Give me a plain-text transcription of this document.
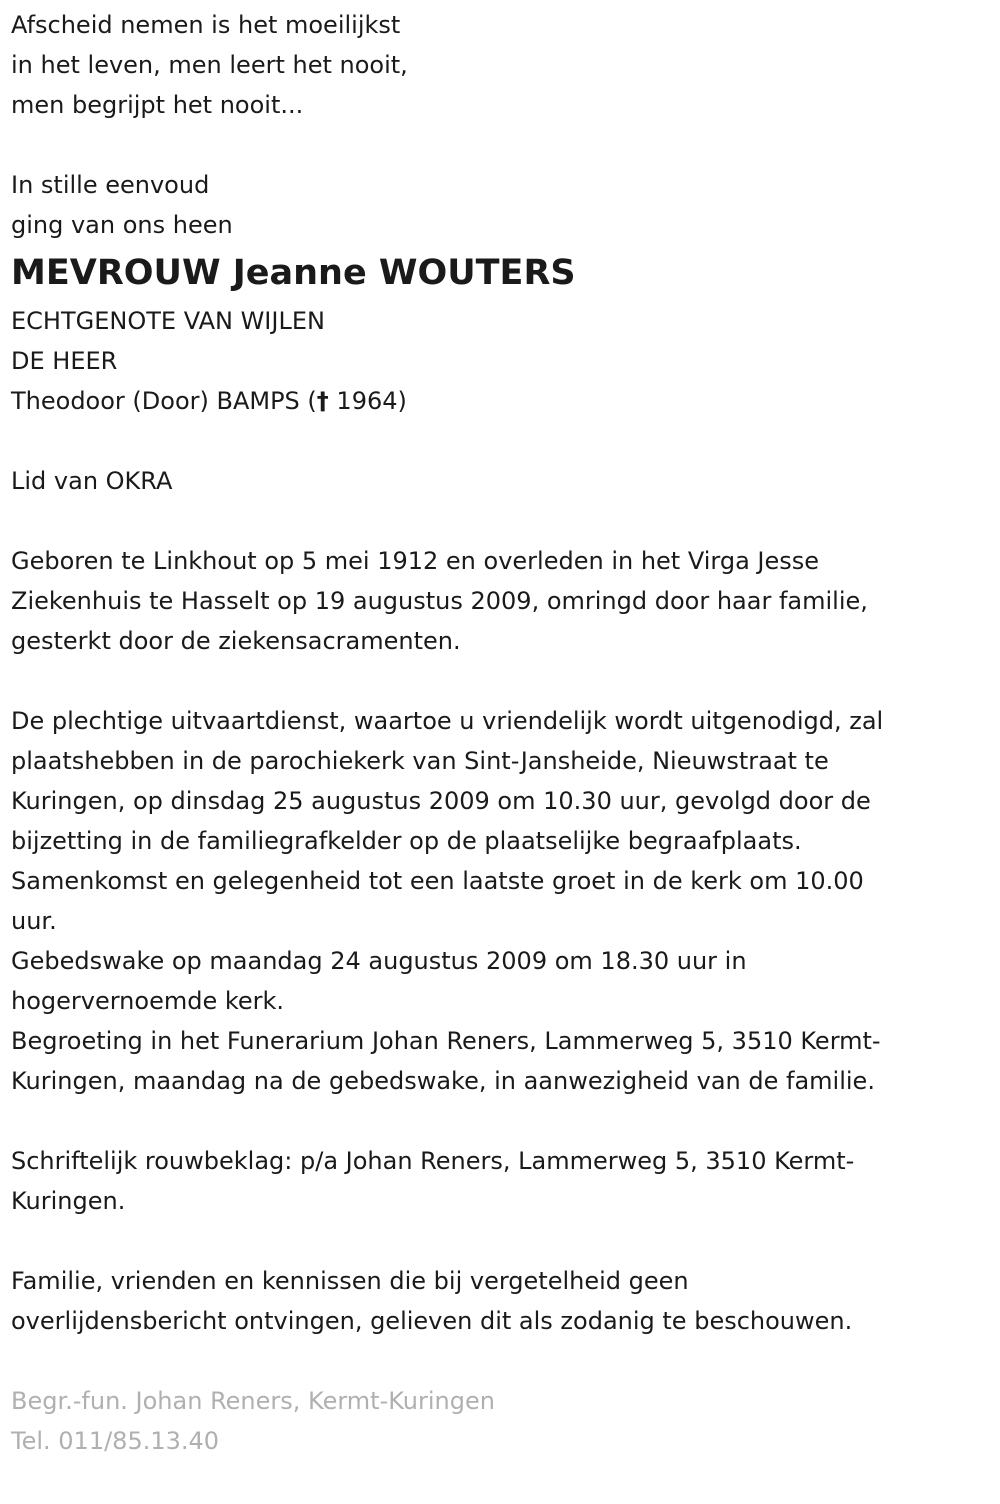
Afscheid nemen is het moeilijkst
in het leven, men leert het nooit,
men begrijpt het nooit...
In stille eenvoud
ging van ons heen
MEVROUW Jeanne WOUTERS
ECHTGENOTE VAN WIJLEN
DE HEER
Theodoor (Door) BAMPS († 1964)
Lid van OKRA
Geboren te Linkhout op 5 mei 1912 en overleden in het Virga Jesse
Ziekenhuis te Hasselt op 19 augustus 2009, omringd door haar familie,
gesterkt door de ziekensacramenten.
De plechtige uitvaartdienst, waartoe u vriendelijk wordt uitgenodigd, zal
plaatshebben in de parochiekerk van Sint-Jansheide, Nieuwstraat te
Kuringen, op dinsdag 25 augustus 2009 om 10.30 uur, gevolgd door de
bijzetting in de familiegrafkelder op de plaatselijke begraafplaats.
Samenkomst en gelegenheid tot een laatste groet in de kerk om 10.00
uur.
Gebedswake op maandag 24 augustus 2009 om 18.30 uur in
hogervernoemde kerk.
Begroeting in het Funerarium Johan Reners, Lammerweg 5, 3510 Kermt-
Kuringen, maandag na de gebedswake, in aanwezigheid van de familie.
Schriftelijk rouwbeklag: p/a Johan Reners, Lammerweg 5, 3510 Kermt-
Kuringen.
Familie, vrienden en kennissen die bij vergetelheid geen
overlijdensbericht ontvingen, gelieven dit als zodanig te beschouwen.
Begr.-fun. Johan Reners, Kermt-Kuringen
Tel. 011/85.13.40
